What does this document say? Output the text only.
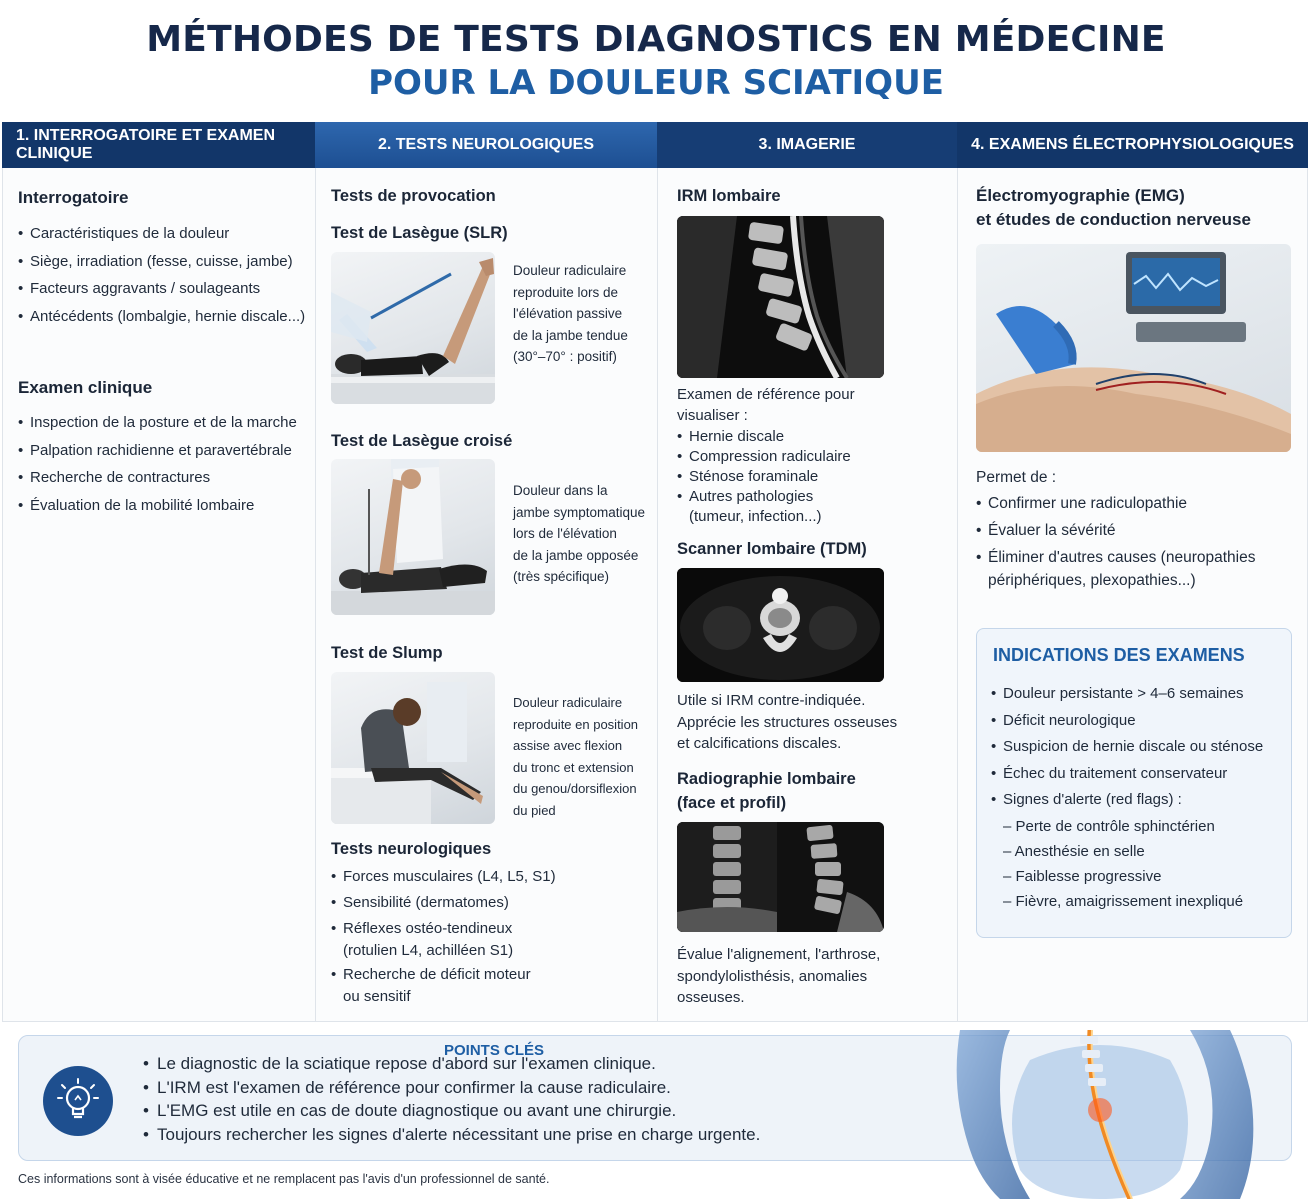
MÉTHODES DE TESTS DIAGNOSTICS EN MÉDECINE
POUR LA DOULEUR SCIATIQUE
1. INTERROGATOIRE ET EXAMEN CLINIQUE
2. TESTS NEUROLOGIQUES	3. IMAGERIE	4. EXAMENS ÉLECTROPHYSIOLOGIQUES
Interrogatoire
• Caractéristiques de la douleur
• Siège, irradiation (fesse, cuisse, jambe)
• Facteurs aggravants / soulageants
• Antécédents (lombalgie, hernie discale...)
Examen clinique
• Inspection de la posture et de la marche
• Palpation rachidienne et paravertébrale
• Recherche de contractures
• Évaluation de la mobilité lombaire
Tests de provocation
Test de Lasègue (SLR)
Douleur radiculaire
reproduite lors de
l'élévation passive
de la jambe tendue
(30°–70° : positif)
Test de Lasègue croisé
Douleur dans la
jambe symptomatique
lors de l'élévation
de la jambe opposée
(très spécifique)
Test de Slump
Douleur radiculaire
reproduite en position
assise avec flexion
du tronc et extension
du genou/dorsiflexion
du pied
Tests neurologiques
• Forces musculaires (L4, L5, S1)
• Sensibilité (dermatomes)
• Réflexes ostéo-tendineux (rotulien L4, achilléen S1)
• Recherche de déficit moteur ou sensitif
IRM lombaire
Examen de référence pour visualiser :
• Hernie discale
• Compression radiculaire
• Sténose foraminale
• Autres pathologies (tumeur, infection...)
Scanner lombaire (TDM)
Utile si IRM contre-indiquée.
Apprécie les structures osseuses
et calcifications discales.
Radiographie lombaire
(face et profil)
Évalue l'alignement, l'arthrose,
spondylolisthésis, anomalies
osseuses.
Électromyographie (EMG)
et études de conduction nerveuse
Permet de :
• Confirmer une radiculopathie
• Évaluer la sévérité
• Éliminer d'autres causes (neuropathies périphériques, plexopathies...)
INDICATIONS DES EXAMENS
• Douleur persistante > 4–6 semaines
• Déficit neurologique
• Suspicion de hernie discale ou sténose
• Échec du traitement conservateur
• Signes d'alerte (red flags) :
– Perte de contrôle sphinctérien
– Anesthésie en selle
– Faiblesse progressive
– Fièvre, amaigrissement inexpliqué
• Le diagnostic de la sciatique repose d'abord sur l'examen clinique.
• L'IRM est l'examen de référence pour confirmer la cause radiculaire.
• L'EMG est utile en cas de doute diagnostique ou avant une chirurgie.
• Toujours rechercher les signes d'alerte nécessitant une prise en charge urgente.
POINTS CLÉS
Ces informations sont à visée éducative et ne remplacent pas l'avis d'un professionnel de santé.
